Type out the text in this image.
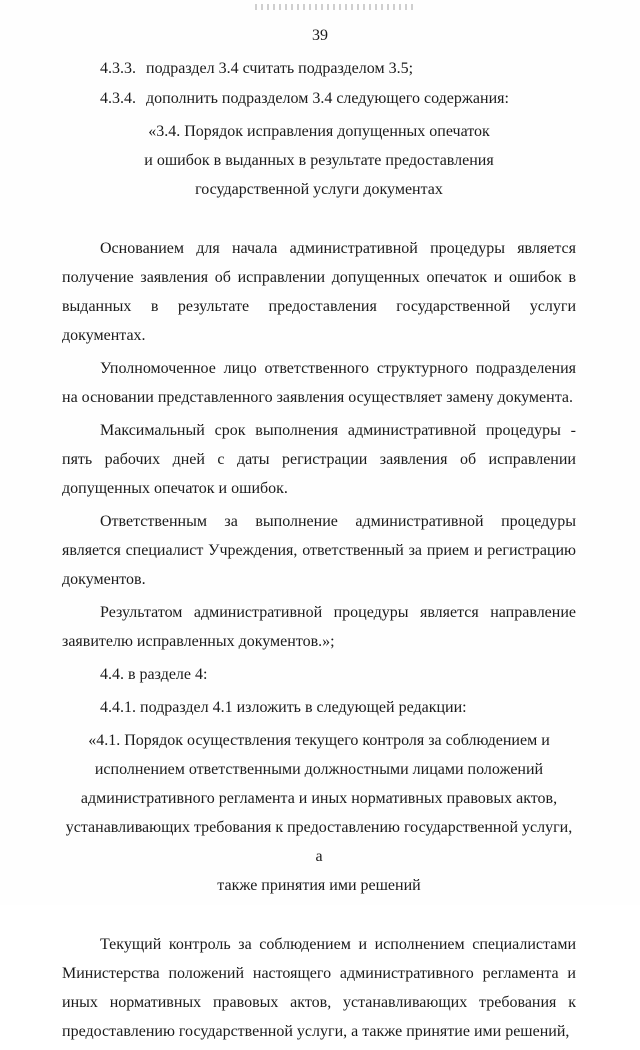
39
4.3.3. подраздел 3.4 считать подразделом 3.5;
4.3.4. дополнить подразделом 3.4 следующего содержания:
«3.4. Порядок исправления допущенных опечаток
и ошибок в выданных в результате предоставления
государственной услуги документах

Основанием для начала административной процедуры является получение заявления об исправлении допущенных опечаток и ошибок в выданных в результате предоставления государственной услуги документах.

Уполномоченное лицо ответственного структурного подразделения на основании представленного заявления осуществляет замену документа.

Максимальный срок выполнения административной процедуры - пять рабочих дней с даты регистрации заявления об исправлении допущенных опечаток и ошибок.

Ответственным за выполнение административной процедуры является специалист Учреждения, ответственный за прием и регистрацию документов.

Результатом административной процедуры является направление заявителю исправленных документов.»;

4.4. в разделе 4:

4.4.1. подраздел 4.1 изложить в следующей редакции:

«4.1. Порядок осуществления текущего контроля за соблюдением и
исполнением ответственными должностными лицами положений
административного регламента и иных нормативных правовых актов,
устанавливающих требования к предоставлению государственной услуги, а
также принятия ими решений

Текущий контроль за соблюдением и исполнением специалистами Министерства положений настоящего административного регламента и иных нормативных правовых актов, устанавливающих требования к предоставлению государственной услуги, а также принятие ими решений,
